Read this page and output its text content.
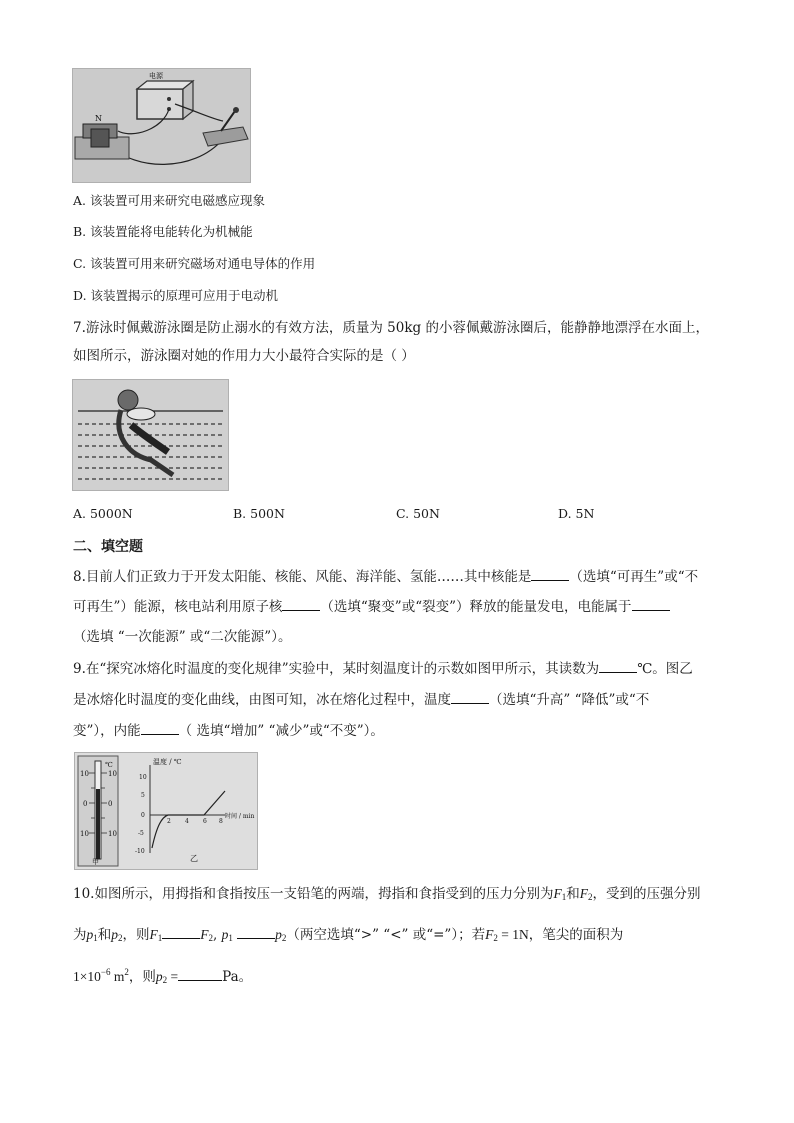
电源
N
A. 该装置可用来研究电磁感应现象
B. 该装置能将电能转化为机械能
C. 该装置可用来研究磁场对通电导体的作用
D. 该装置揭示的原理可应用于电动机
7.游泳时佩戴游泳圈是防止溺水的有效方法，质量为 50kg 的小蓉佩戴游泳圈后，能静静地漂浮在水面上，
如图所示，游泳圈对她的作用力大小最符合实际的是（ ）
A. 5000N	B. 500N	C. 50N	D. 5N
二、填空题
8.目前人们正致力于开发太阳能、核能、风能、海洋能、氢能……其中核能是	（选填“可再生”或“不
可再生”）能源，核电站利用原子核	（选填“聚变”或“裂变”）释放的能量发电，电能属于
（选填 “一次能源” 或“二次能源”）。
9.在“探究冰熔化时温度的变化规律”实验中，某时刻温度计的示数如图甲所示，其读数为	℃。图乙
是冰熔化时温度的变化曲线，由图可知，冰在熔化过程中，温度	（选填“升高” “降低”或“不
变”），内能	（ 选填“增加” “减少”或“不变”）。
℃
10
0
10
10
0
10
甲
温度 / ℃
10
5
0
-5
-10
2 4 6 8
时间 / min
乙
10.如图所示，用拇指和食指按压一支铅笔的两端，拇指和食指受到的压力分别为$F_1$和$F_2$，受到的压强分别
为$p_1$和$p_2$，则$F_1$	$F_2$, $p_1$	$p_2$（两空选填“>” “<” 或“=”）；若$F_2 = 1N$，笔尖的面积为
$1\times 10^{-6}$ $m^2$，则$p_2$ =	Pa。
